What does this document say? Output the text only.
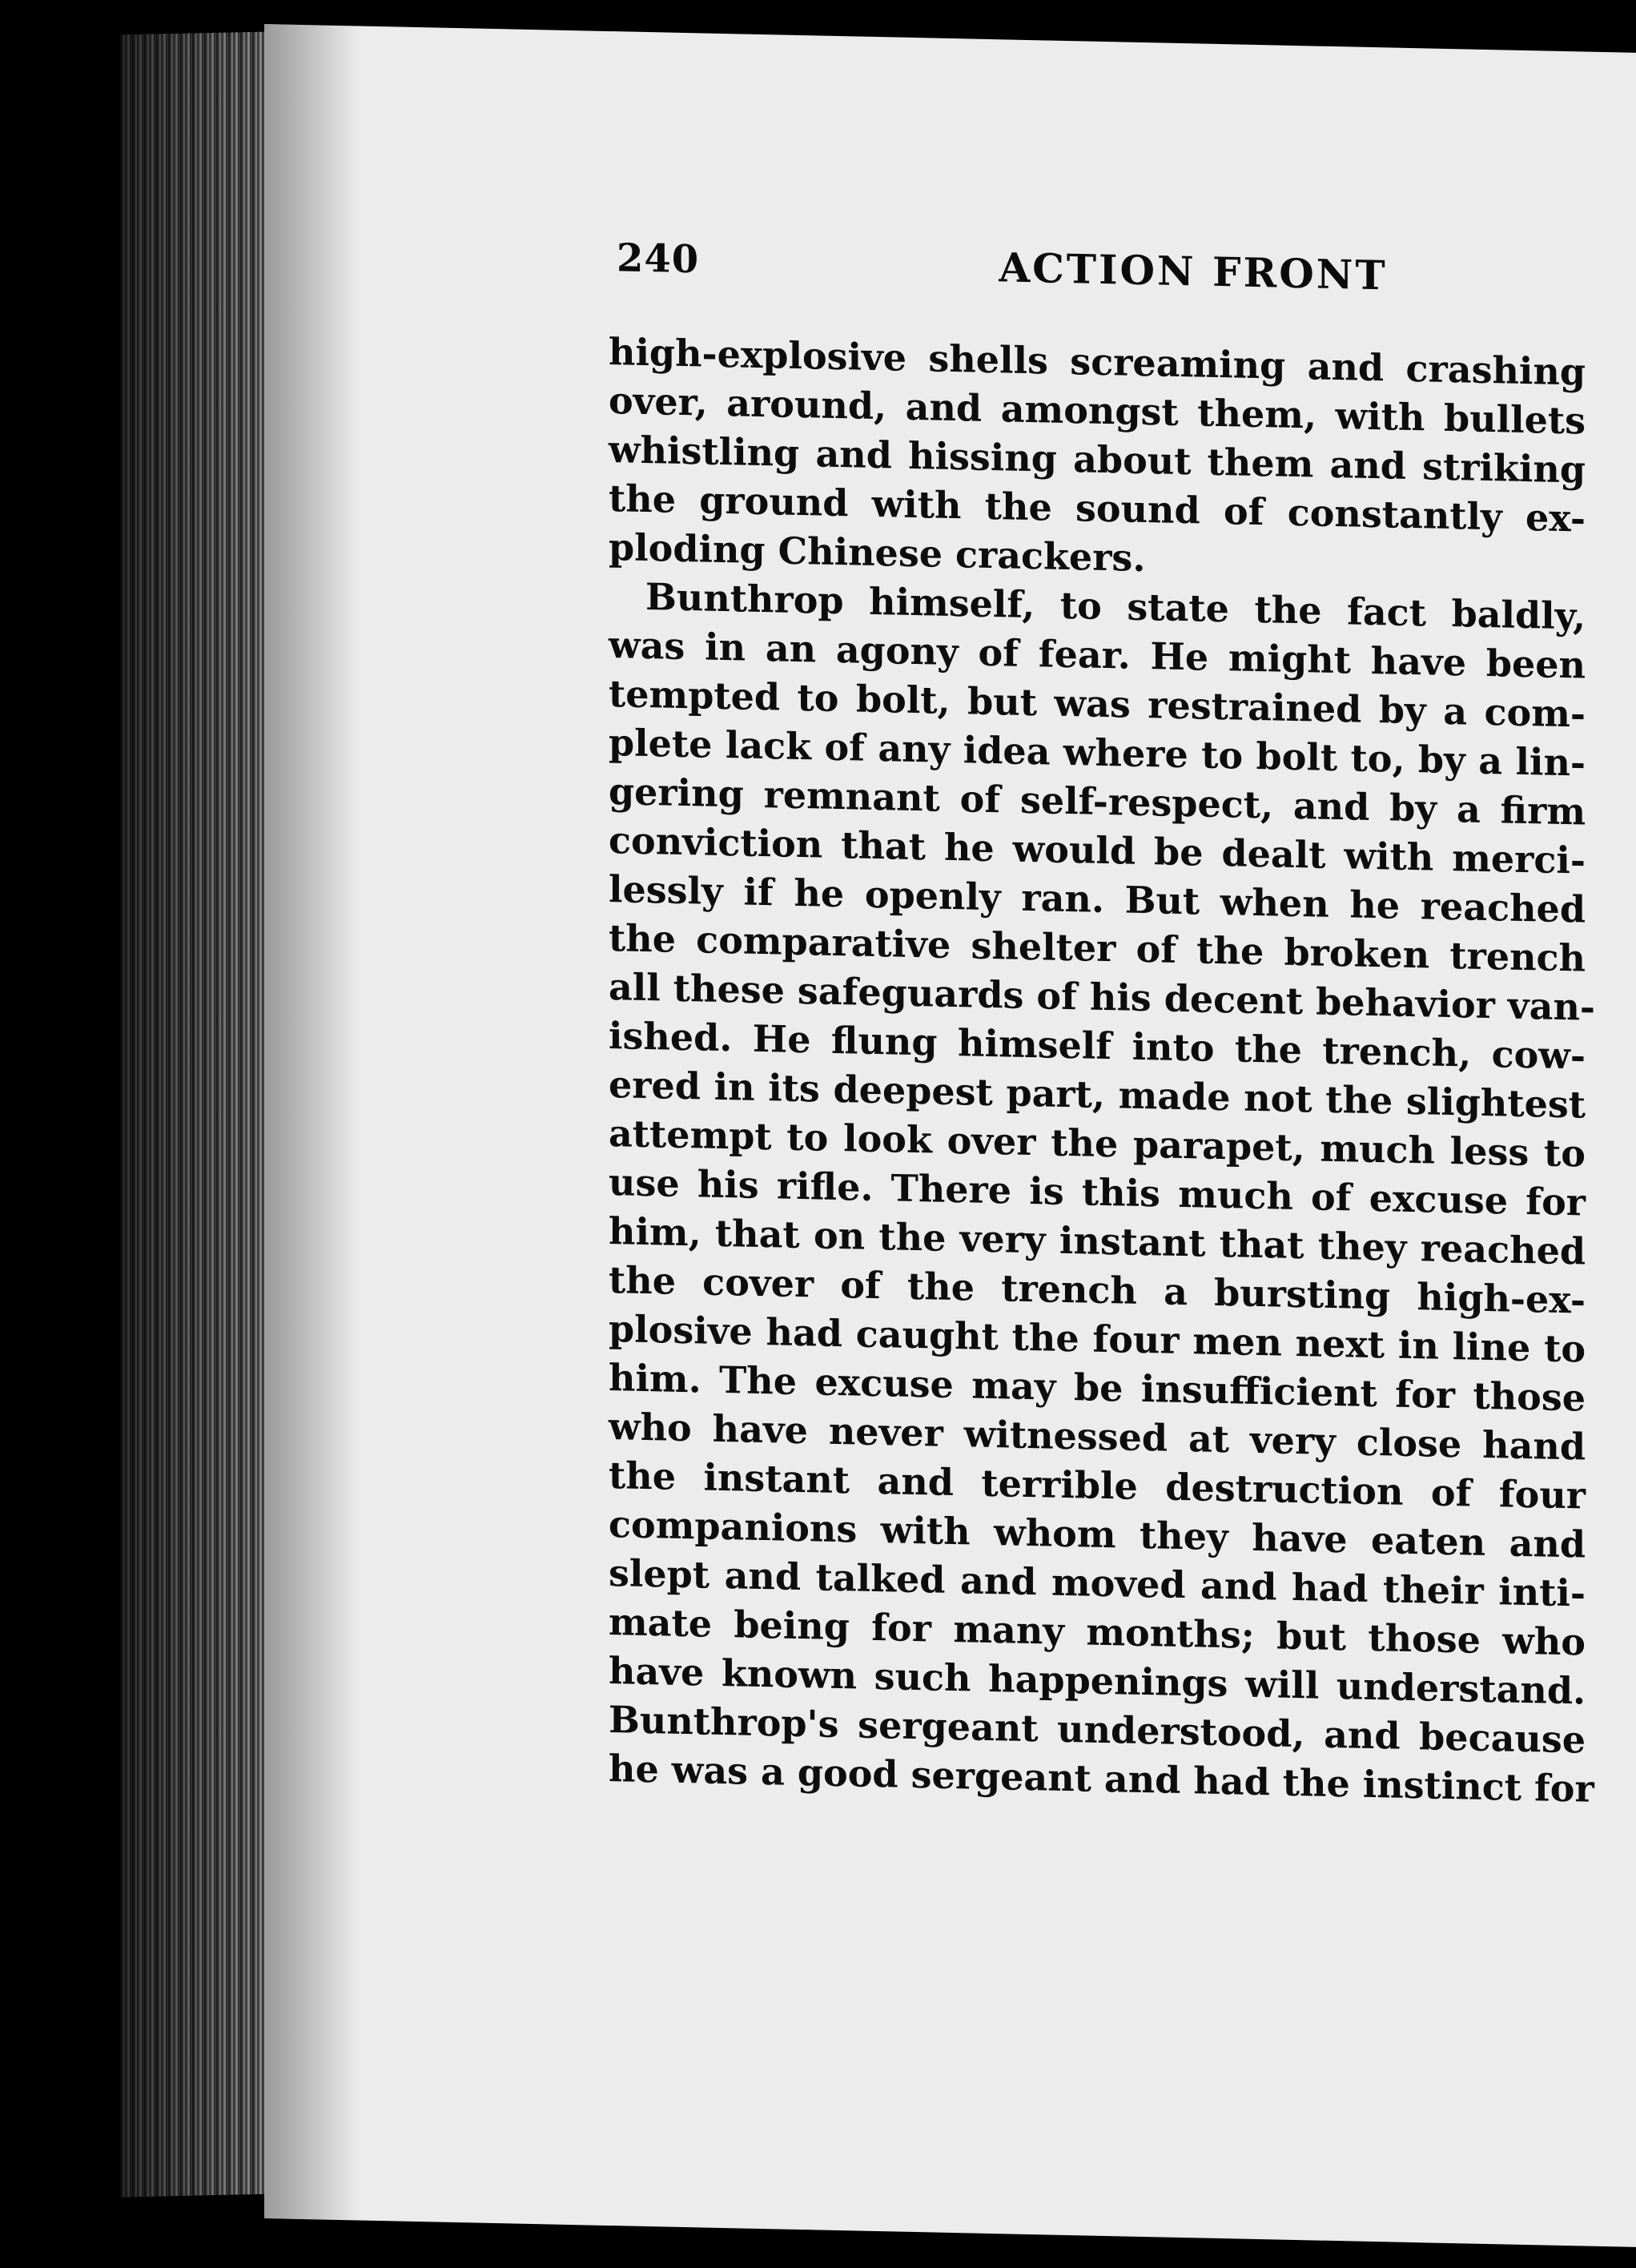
240	ACTION FRONT
high-explosive shells screaming and crashing
over, around, and amongst them, with bullets
whistling and hissing about them and striking
the ground with the sound of constantly ex-
ploding Chinese crackers.
Bunthrop himself, to state the fact baldly,
was in an agony of fear. He might have been
tempted to bolt, but was restrained by a com-
plete lack of any idea where to bolt to, by a lin-
gering remnant of self-respect, and by a firm
conviction that he would be dealt with merci-
lessly if he openly ran. But when he reached
the comparative shelter of the broken trench
all these safeguards of his decent behavior van-
ished. He flung himself into the trench, cow-
ered in its deepest part, made not the slightest
attempt to look over the parapet, much less to
use his rifle. There is this much of excuse for
him, that on the very instant that they reached
the cover of the trench a bursting high-ex-
plosive had caught the four men next in line to
him. The excuse may be insufficient for those
who have never witnessed at very close hand
the instant and terrible destruction of four
companions with whom they have eaten and
slept and talked and moved and had their inti-
mate being for many months; but those who
have known such happenings will understand.
Bunthrop's sergeant understood, and because
he was a good sergeant and had the instinct for
